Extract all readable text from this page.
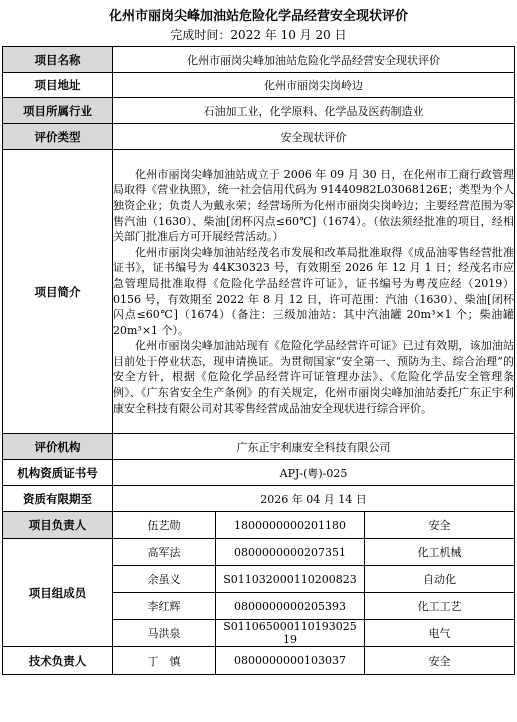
化州市丽岗尖峰加油站危险化学品经营安全现状评价
完成时间：2022 年 10 月 20 日
项目名称	化州市丽岗尖峰加油站危险化学品经营安全现状评价		
项目地址	化州市丽岗尖岗岭边		
项目所属行业	石油加工业，化学原料、化学品及医药制造业		
评价类型	安全现状评价		
项目简介	化州市丽岗尖峰加油站成立于 2006 年 09 月 30 日，在化州市工商行政管理局取得《营业执照》，统一社会信用代码为 91440982L03068126E；类型为个人独资企业；负责人为戴永荣；经营场所为化州市丽岗尖岗岭边；主要经营范围为零售汽油（1630）、柴油[闭杯闪点≤60℃]（1674）。（依法须经批准的项目，经相关部门批准后方可开展经营活动。）

化州市丽岗尖峰加油站经茂名市发展和改革局批准取得《成品油零售经营批准证书》，证书编号为 44K30323 号，有效期至 2026 年 12 月 1 日；经茂名市应急管理局批准取得《危险化学品经营许可证》，证书编号为粤茂应经（2019）0156 号，有效期至 2022 年 8 月 12 日，许可范围：汽油（1630）、柴油[闭杯闪点≤60℃]（1674）（备注：三级加油站：其中汽油罐 20m³×1 个；柴油罐 20m³×1 个）。

化州市丽岗尖峰加油站现有《危险化学品经营许可证》已过有效期，该加油站目前处于停业状态，现申请换证。为贯彻国家“安全第一、预防为主、综合治理”的安全方针，根据《危险化学品经营许可证管理办法》、《危险化学品安全管理条例》、《广东省安全生产条例》的有关规定，化州市丽岗尖峰加油站委托广东正宇利康安全科技有限公司对其零售经营成品油安全现状进行综合评价。		

评价机构	广东正宇利康安全科技有限公司		
机构资质证书号	APJ-(粤)-025		
资质有限期至	2026 年 04 月 14 日		
项目负责人	伍艺勋	1800000000201180	安全
项目组成员	高军法	0800000000207351	化工机械
	余虽义	S011032000110200823	自动化
	李红辉	0800000000205393	化工工艺
	马洪泉	S011065000110193025 19	电气
技术负责人	丁　慎	0800000000103037	安全
